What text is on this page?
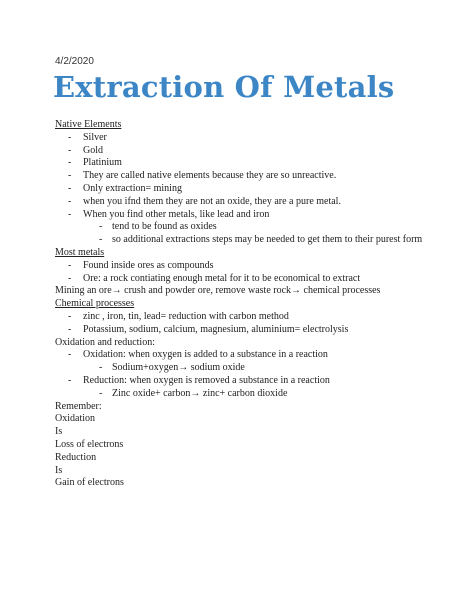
4/2/2020
Extraction Of Metals
Native Elements
- Silver
- Gold
- Platinium
- They are called native elements because they are so unreactive.
- Only extraction= mining
- when you ifnd them they are not an oxide, they are a pure metal.
- When you find other metals, like lead and iron
- tend to be found as oxides
- so additional extractions steps may be needed to get them to their purest form
Most metals
- Found inside ores as compounds
- Ore: a rock contiating enough metal for it to be economical to extract
Mining an ore→ crush and powder ore, remove waste rock→ chemical processes
Chemical processes
- zinc , iron, tin, lead= reduction with carbon method
- Potassium, sodium, calcium, magnesium, aluminium= electrolysis
Oxidation and reduction:
- Oxidation: when oxygen is added to a substance in a reaction
- Sodium+oxygen→ sodium oxide
- Reduction: when oxygen is removed a substance in a reaction
- Zinc oxide+ carbon→ zinc+ carbon dioxide
Remember:
Oxidation
Is
Loss of electrons
Reduction
Is
Gain of electrons
